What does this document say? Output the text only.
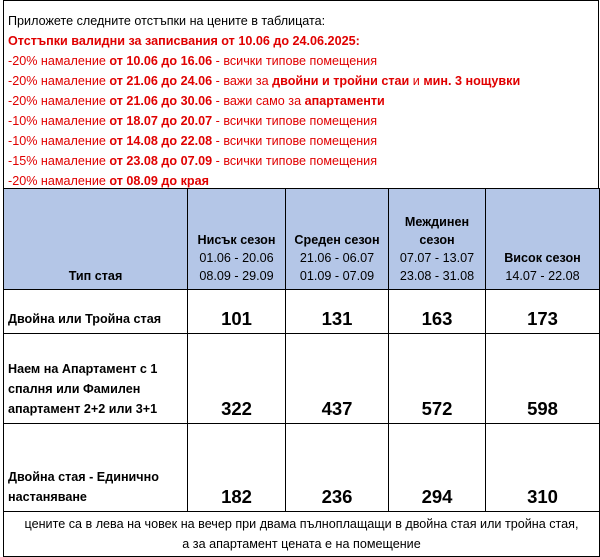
Приложете следните отстъпки на цените в таблицата:
Отстъпки валидни за записвания от 10.06 до 24.06.2025:
-20% намаление от 10.06 до 16.06 - всички типове помещения
-20% намаление от 21.06 до 24.06 - важи за двойни и тройни стаи и мин. 3 нощувки
-20% намаление от 21.06 до 30.06 - важи само за апартаменти
-10% намаление от 18.07 до 20.07 - всички типове помещения
-10% намаление от 14.08 до 22.08 - всички типове помещения
-15% намаление от 23.08 до 07.09 - всички типове помещения
-20% намаление от 08.09 до края
Тип стая	Нисък сезон
01.06 - 20.06
08.09 - 29.09	Среден сезон
21.06 - 06.07
01.09 - 07.09	Междинен сезон
07.07 - 13.07
23.08 - 31.08	Висок сезон
14.07 - 22.08

Двойна или Тройна стая	101	131	163	173
Наем на Апартамент с 1 спалня или Фамилен апартамент 2+2 или 3+1	322	437	572	598
Двойна стая - Единично настаняване	182	236	294	310

цените са в лева на човек на вечер при двама пълноплащащи в двойна стая или тройна стая,
а за апартамент цената е на помещение				
